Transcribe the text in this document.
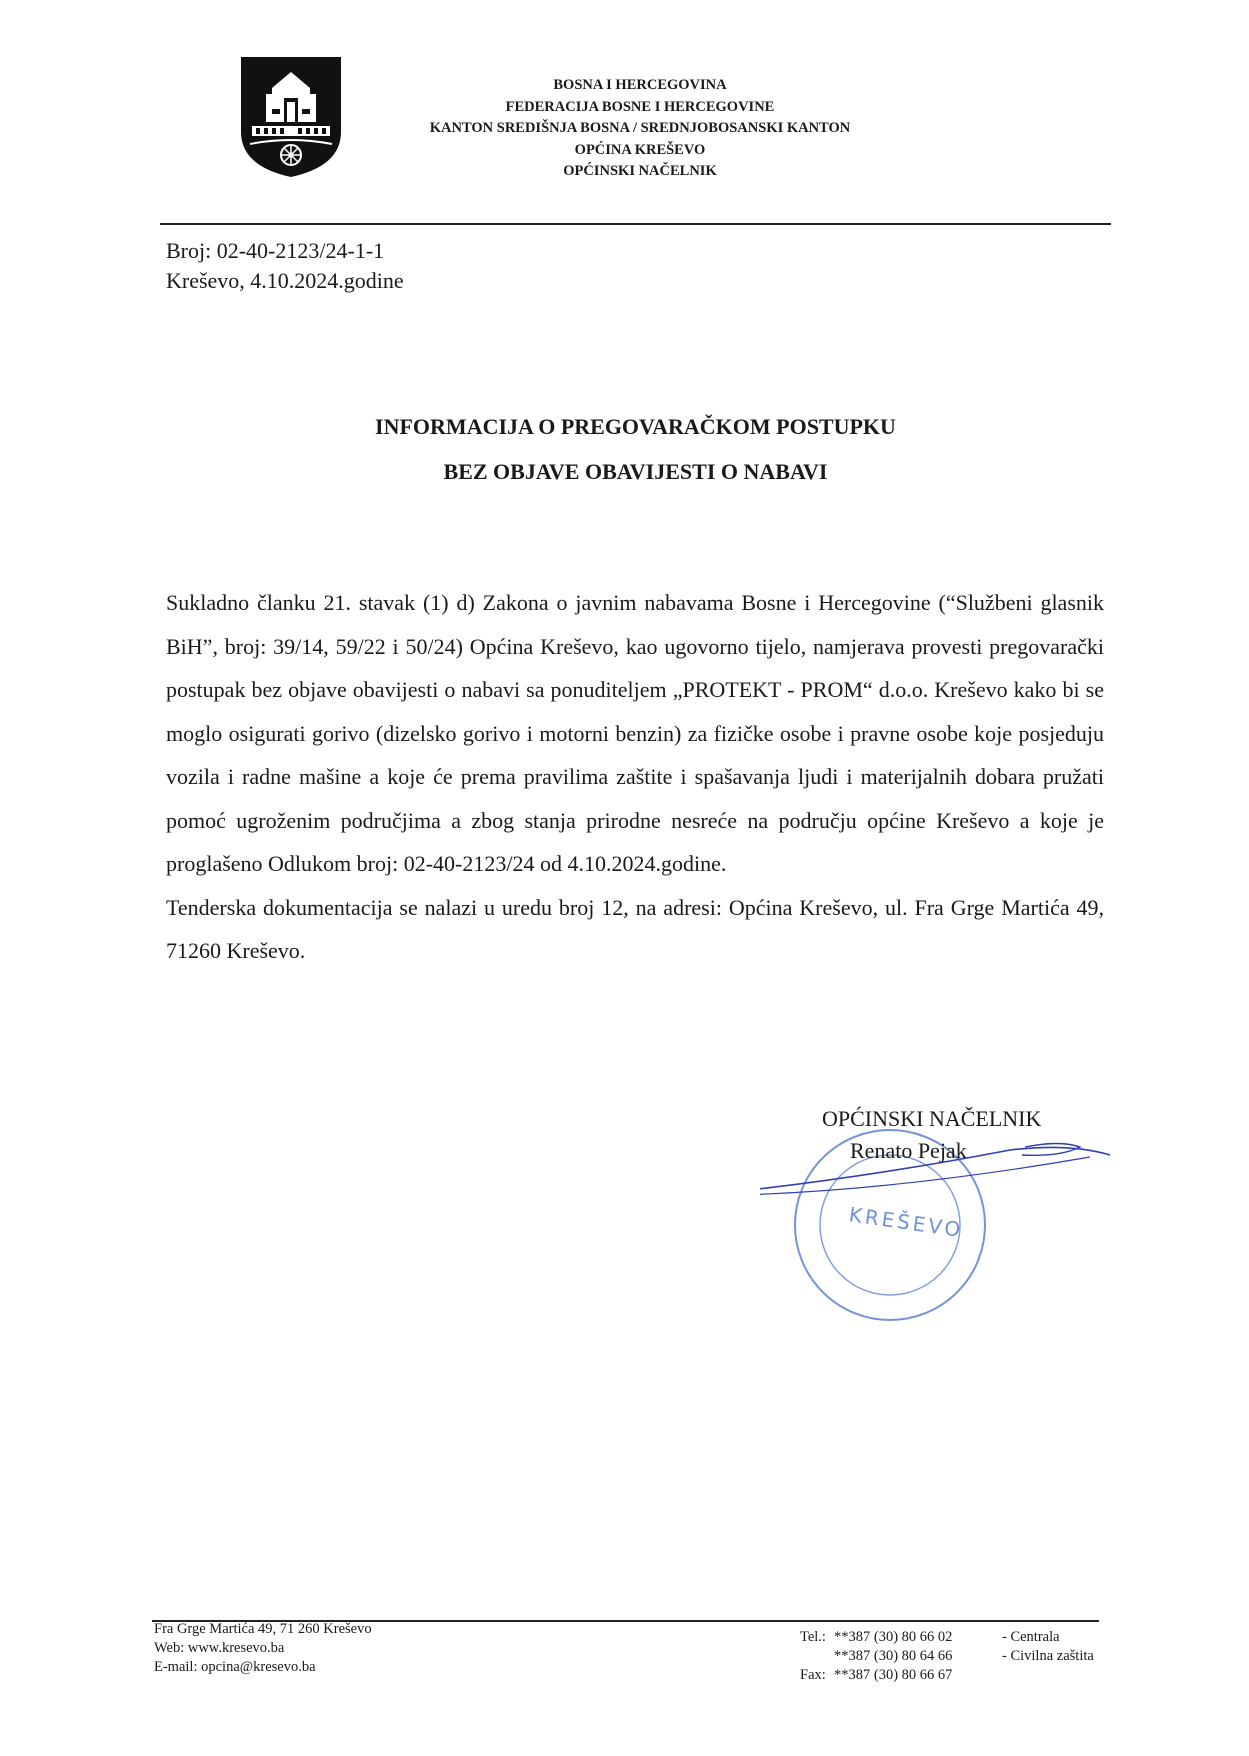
BOSNA I HERCEGOVINA
FEDERACIJA BOSNE I HERCEGOVINE
KANTON SREDIŠNJA BOSNA / SREDNJOBOSANSKI KANTON
OPĆINA KREŠEVO
OPĆINSKI NAČELNIK
Broj: 02-40-2123/24-1-1
Kreševo, 4.10.2024.godine
INFORMACIJA O PREGOVARAČKOM POSTUPKU
BEZ OBJAVE OBAVIJESTI O NABAVI

Sukladno članku 21. stavak (1) d) Zakona o javnim nabavama Bosne i Hercegovine (“Službeni glasnik BiH”, broj: 39/14, 59/22 i 50/24) Općina Kreševo, kao ugovorno tijelo, namjerava provesti pregovarački postupak bez objave obavijesti o nabavi sa ponuditeljem „PROTEKT - PROM“ d.o.o. Kreševo kako bi se moglo osigurati gorivo (dizelsko gorivo i motorni benzin) za fizičke osobe i pravne osobe koje posjeduju vozila i radne mašine a koje će prema pravilima zaštite i spašavanja ljudi i materijalnih dobara pružati pomoć ugroženim područjima a zbog stanja prirodne nesreće na području općine Kreševo a koje je proglašeno Odlukom broj: 02-40-2123/24 od 4.10.2024.godine.

Tenderska dokumentacija se nalazi u uredu broj 12, na adresi: Općina Kreševo, ul. Fra Grge Martića 49, 71260 Kreševo.

KREŠEVO
OPĆINSKI NAČELNIK
Renato Pejak
Fra Grge Martića 49, 71 260 Kreševo
Web: www.kresevo.ba
E-mail: opcina@kresevo.ba
Tel.: **387 (30) 80 66 02	- Centrala
**387 (30) 80 64 66	- Civilna zaštita
Fax: **387 (30) 80 66 67
